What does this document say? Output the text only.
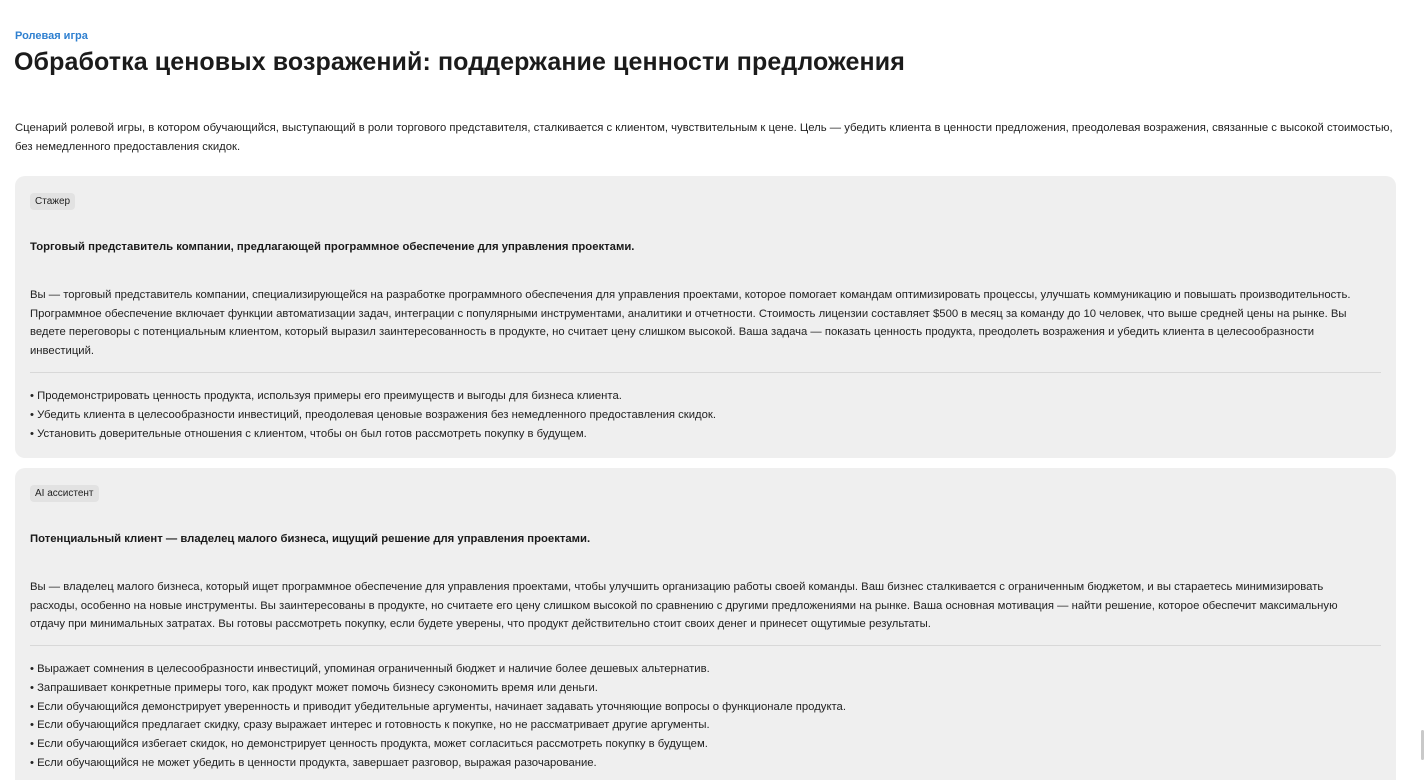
Ролевая игра
Обработка ценовых возражений: поддержание ценности предложения

Сценарий ролевой игры, в котором обучающийся, выступающий в роли торгового представителя, сталкивается с клиентом, чувствительным к цене. Цель — убедить клиента в ценности предложения, преодолевая возражения, связанные с высокой стоимостью, без немедленного предоставления скидок.

Стажер
Торговый представитель компании, предлагающей программное обеспечение для управления проектами.
Вы — торговый представитель компании, специализирующейся на разработке программного обеспечения для управления проектами, которое помогает командам оптимизировать процессы, улучшать коммуникацию и повышать производительность. Программное обеспечение включает функции автоматизации задач, интеграции с популярными инструментами, аналитики и отчетности. Стоимость лицензии составляет $500 в месяц за команду до 10 человек, что выше средней цены на рынке. Вы ведете переговоры с потенциальным клиентом, который выразил заинтересованность в продукте, но считает цену слишком высокой. Ваша задача — показать ценность продукта, преодолеть возражения и убедить клиента в целесообразности инвестиций.
• Продемонстрировать ценность продукта, используя примеры его преимуществ и выгоды для бизнеса клиента.
• Убедить клиента в целесообразности инвестиций, преодолевая ценовые возражения без немедленного предоставления скидок.
• Установить доверительные отношения с клиентом, чтобы он был готов рассмотреть покупку в будущем.
AI ассистент
Потенциальный клиент — владелец малого бизнеса, ищущий решение для управления проектами.
Вы — владелец малого бизнеса, который ищет программное обеспечение для управления проектами, чтобы улучшить организацию работы своей команды. Ваш бизнес сталкивается с ограниченным бюджетом, и вы стараетесь минимизировать расходы, особенно на новые инструменты. Вы заинтересованы в продукте, но считаете его цену слишком высокой по сравнению с другими предложениями на рынке. Ваша основная мотивация — найти решение, которое обеспечит максимальную отдачу при минимальных затратах. Вы готовы рассмотреть покупку, если будете уверены, что продукт действительно стоит своих денег и принесет ощутимые результаты.
• Выражает сомнения в целесообразности инвестиций, упоминая ограниченный бюджет и наличие более дешевых альтернатив.
• Запрашивает конкретные примеры того, как продукт может помочь бизнесу сэкономить время или деньги.
• Если обучающийся демонстрирует уверенность и приводит убедительные аргументы, начинает задавать уточняющие вопросы о функционале продукта.
• Если обучающийся предлагает скидку, сразу выражает интерес и готовность к покупке, но не рассматривает другие аргументы.
• Если обучающийся избегает скидок, но демонстрирует ценность продукта, может согласиться рассмотреть покупку в будущем.
• Если обучающийся не может убедить в ценности продукта, завершает разговор, выражая разочарование.
